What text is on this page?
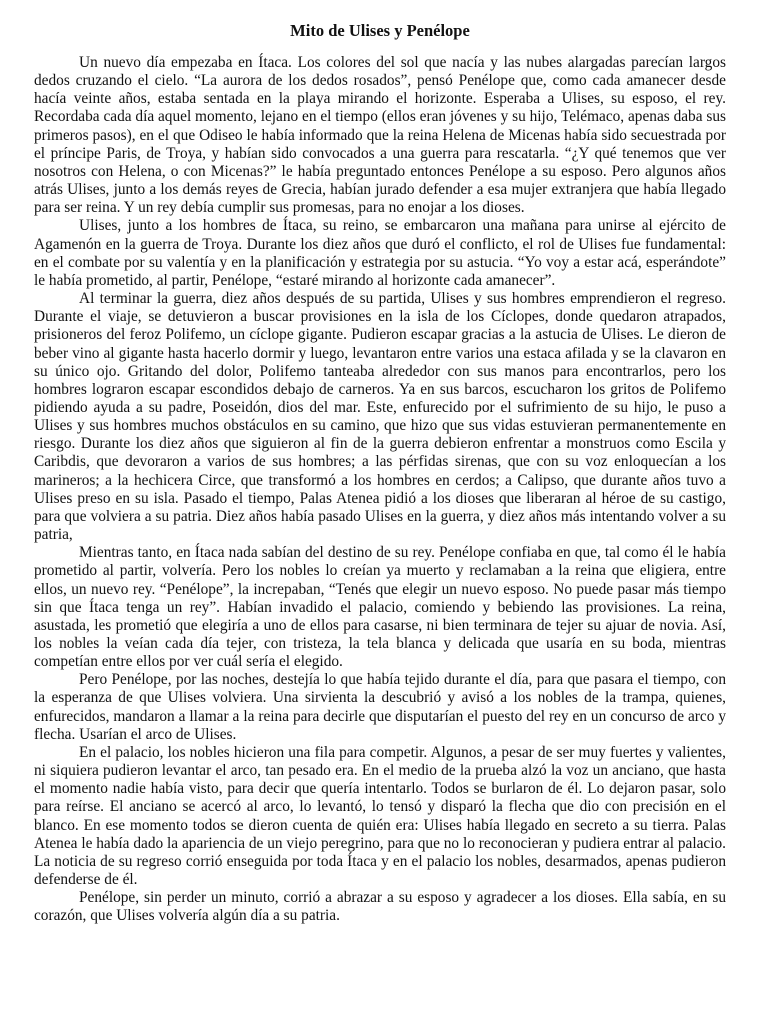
Mito de Ulises y Penélope

Un nuevo día empezaba en Ítaca. Los colores del sol que nacía y las nubes alargadas parecían largos dedos cruzando el cielo. “La aurora de los dedos rosados”, pensó Penélope que, como cada amanecer desde hacía veinte años, estaba sentada en la playa mirando el horizonte. Esperaba a Ulises, su esposo, el rey. Recordaba cada día aquel momento, lejano en el tiempo (ellos eran jóvenes y su hijo, Telémaco, apenas daba sus primeros pasos), en el que Odiseo le había informado que la reina Helena de Micenas había sido secuestrada por el príncipe Paris, de Troya, y habían sido convocados a una guerra para rescatarla. “¿Y qué tenemos que ver nosotros con Helena, o con Micenas?” le había preguntado entonces Penélope a su esposo. Pero algunos años atrás Ulises, junto a los demás reyes de Grecia, habían jurado defender a esa mujer extranjera que había llegado para ser reina. Y un rey debía cumplir sus promesas, para no enojar a los dioses.

Ulises, junto a los hombres de Ítaca, su reino, se embarcaron una mañana para unirse al ejército de Agamenón en la guerra de Troya. Durante los diez años que duró el conflicto, el rol de Ulises fue fundamental: en el combate por su valentía y en la planificación y estrategia por su astucia. “Yo voy a estar acá, esperándote” le había prometido, al partir, Penélope, “estaré mirando al horizonte cada amanecer”.

Al terminar la guerra, diez años después de su partida, Ulises y sus hombres emprendieron el regreso. Durante el viaje, se detuvieron a buscar provisiones en la isla de los Cíclopes, donde quedaron atrapados, prisioneros del feroz Polifemo, un cíclope gigante. Pudieron escapar gracias a la astucia de Ulises. Le dieron de beber vino al gigante hasta hacerlo dormir y luego, levantaron entre varios una estaca afilada y se la clavaron en su único ojo. Gritando del dolor, Polifemo tanteaba alrededor con sus manos para encontrarlos, pero los hombres lograron escapar escondidos debajo de carneros. Ya en sus barcos, escucharon los gritos de Polifemo pidiendo ayuda a su padre, Poseidón, dios del mar. Este, enfurecido por el sufrimiento de su hijo, le puso a Ulises y sus hombres muchos obstáculos en su camino, que hizo que sus vidas estuvieran permanentemente en riesgo. Durante los diez años que siguieron al fin de la guerra debieron enfrentar a monstruos como Escila y Caribdis, que devoraron a varios de sus hombres; a las pérfidas sirenas, que con su voz enloquecían a los marineros; a la hechicera Circe, que transformó a los hombres en cerdos; a Calipso, que durante años tuvo a Ulises preso en su isla. Pasado el tiempo, Palas Atenea pidió a los dioses que liberaran al héroe de su castigo, para que volviera a su patria. Diez años había pasado Ulises en la guerra, y diez años más intentando volver a su patria,

Mientras tanto, en Ítaca nada sabían del destino de su rey. Penélope confiaba en que, tal como él le había prometido al partir, volvería. Pero los nobles lo creían ya muerto y reclamaban a la reina que eligiera, entre ellos, un nuevo rey. “Penélope”, la increpaban, “Tenés que elegir un nuevo esposo. No puede pasar más tiempo sin que Ítaca tenga un rey”. Habían invadido el palacio, comiendo y bebiendo las provisiones. La reina, asustada, les prometió que elegiría a uno de ellos para casarse, ni bien terminara de tejer su ajuar de novia. Así, los nobles la veían cada día tejer, con tristeza, la tela blanca y delicada que usaría en su boda, mientras competían entre ellos por ver cuál sería el elegido.

Pero Penélope, por las noches, destejía lo que había tejido durante el día, para que pasara el tiempo, con la esperanza de que Ulises volviera. Una sirvienta la descubrió y avisó a los nobles de la trampa, quienes, enfurecidos, mandaron a llamar a la reina para decirle que disputarían el puesto del rey en un concurso de arco y flecha. Usarían el arco de Ulises.

En el palacio, los nobles hicieron una fila para competir. Algunos, a pesar de ser muy fuertes y valientes, ni siquiera pudieron levantar el arco, tan pesado era. En el medio de la prueba alzó la voz un anciano, que hasta el momento nadie había visto, para decir que quería intentarlo. Todos se burlaron de él. Lo dejaron pasar, solo para reírse. El anciano se acercó al arco, lo levantó, lo tensó y disparó la flecha que dio con precisión en el blanco. En ese momento todos se dieron cuenta de quién era: Ulises había llegado en secreto a su tierra. Palas Atenea le había dado la apariencia de un viejo peregrino, para que no lo reconocieran y pudiera entrar al palacio. La noticia de su regreso corrió enseguida por toda Ítaca y en el palacio los nobles, desarmados, apenas pudieron defenderse de él.

Penélope, sin perder un minuto, corrió a abrazar a su esposo y agradecer a los dioses. Ella sabía, en su corazón, que Ulises volvería algún día a su patria.
